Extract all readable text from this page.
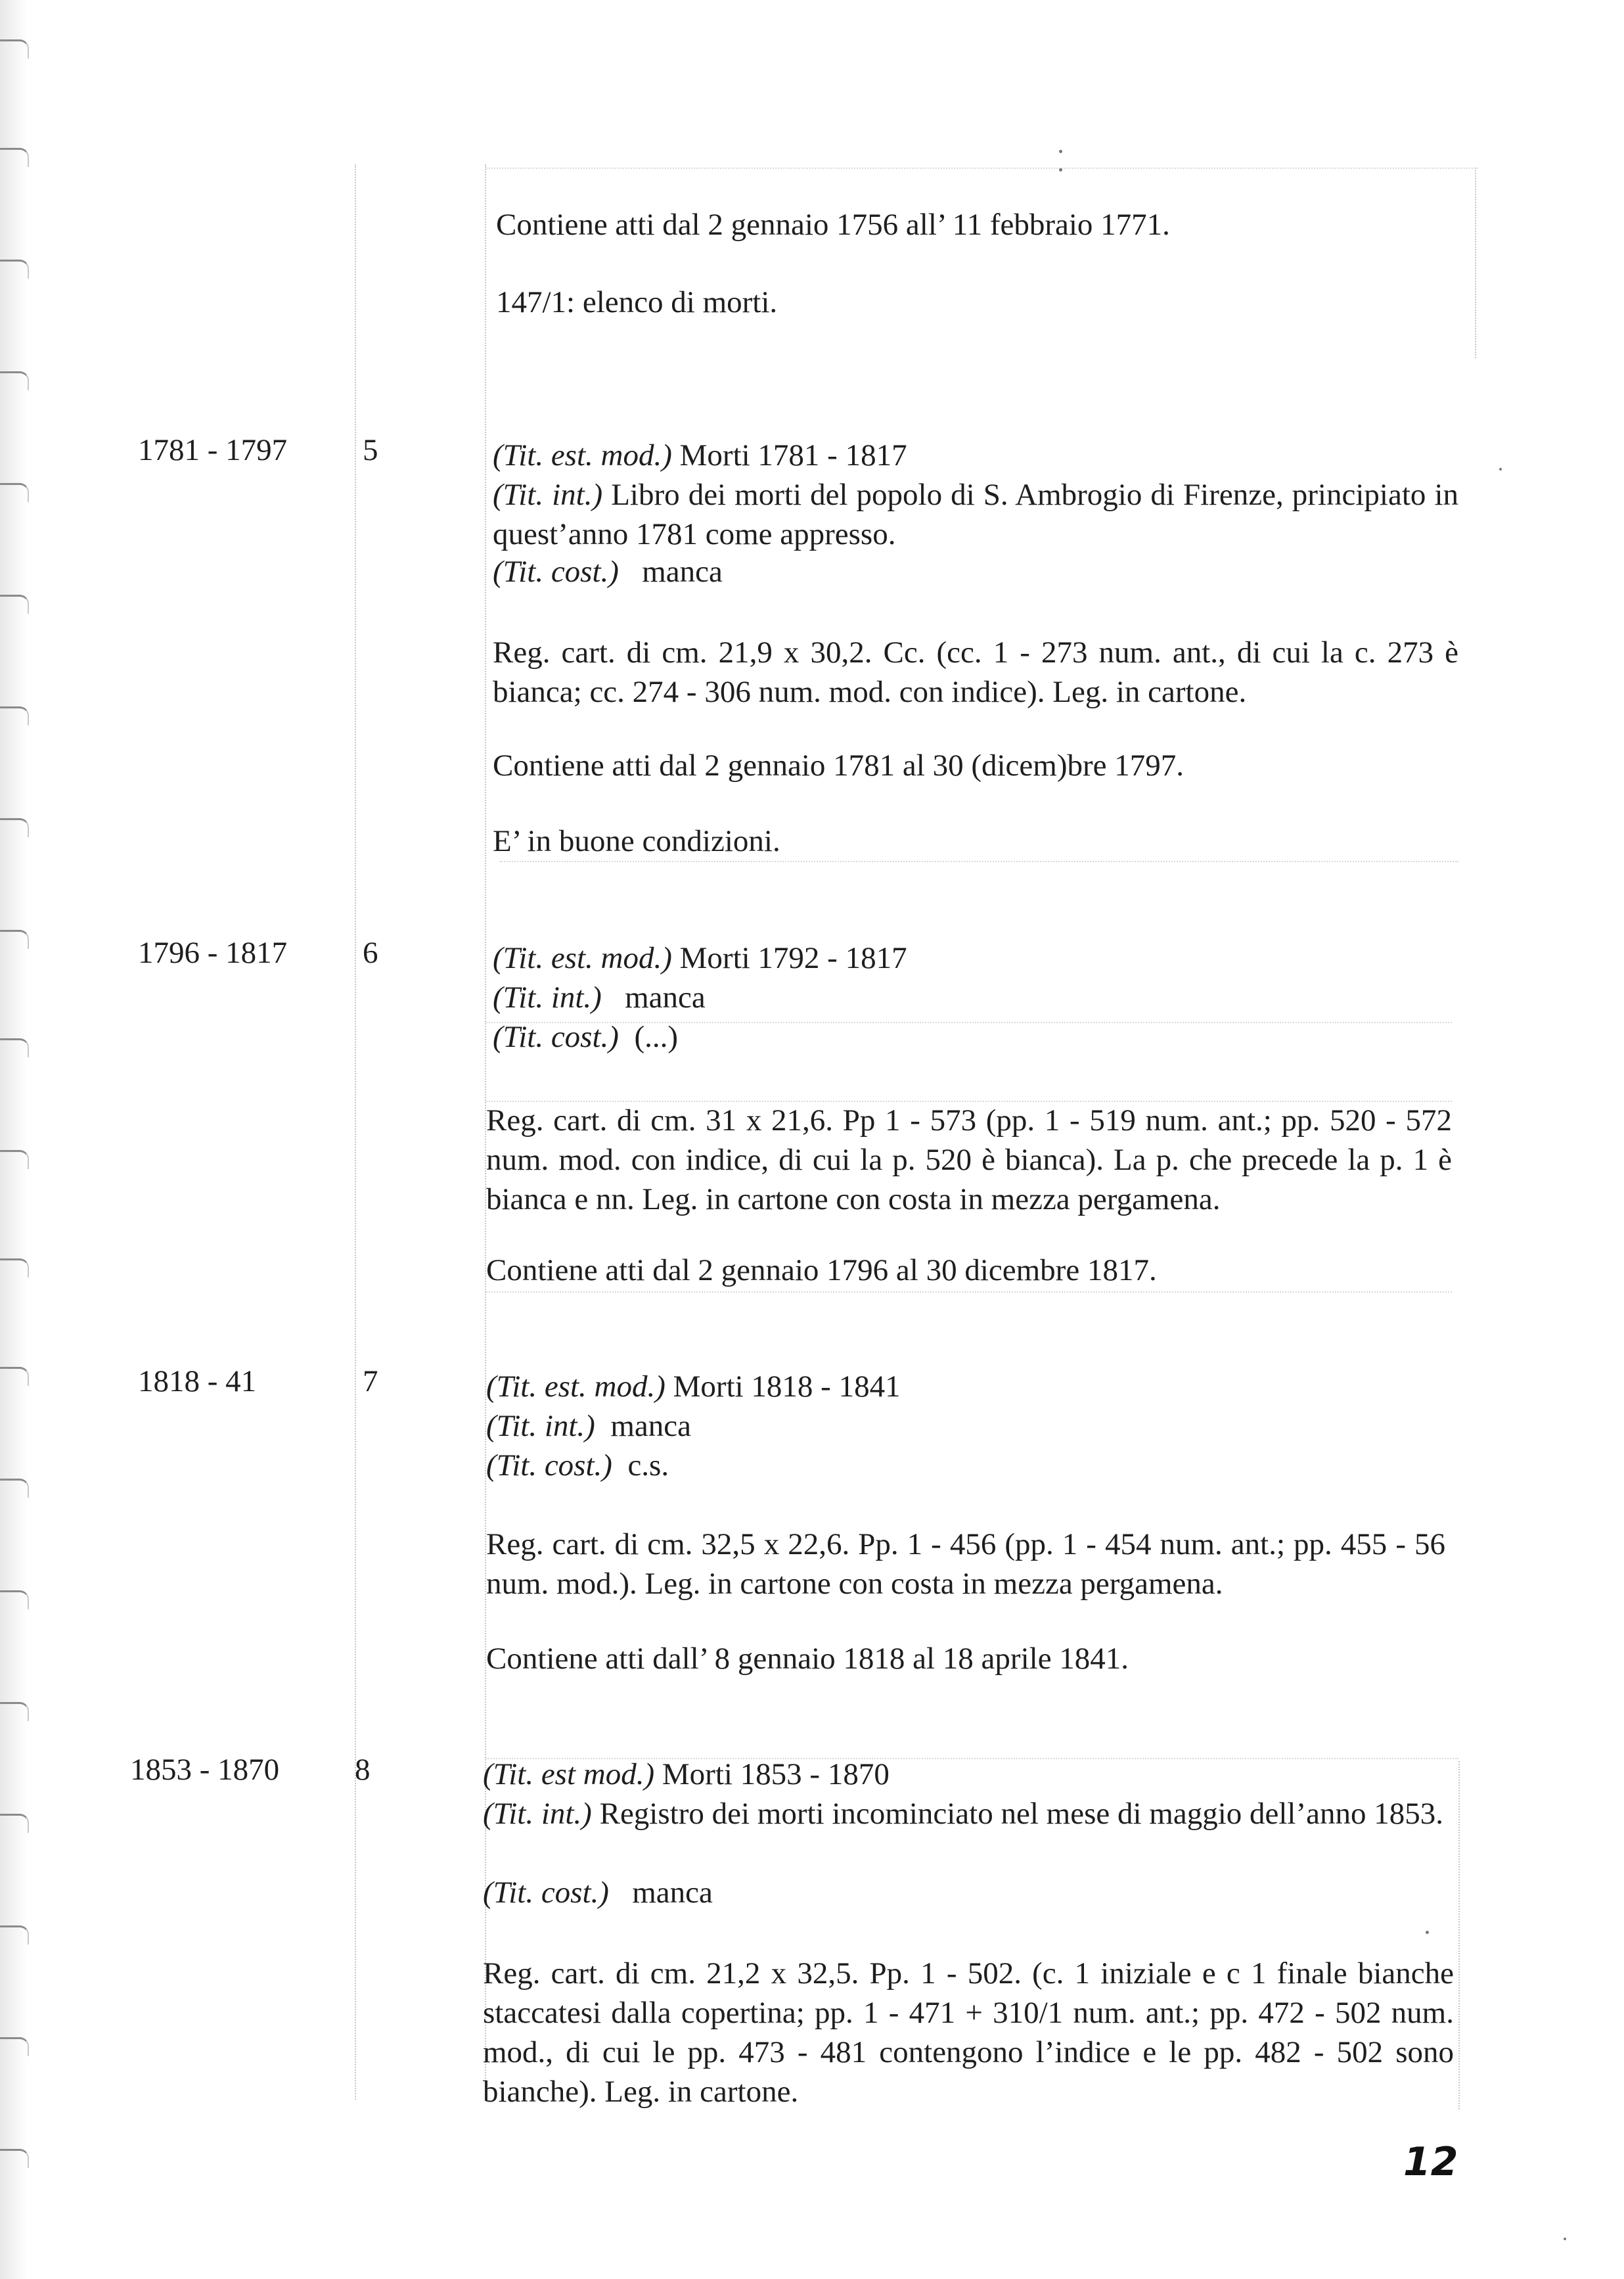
Contiene atti dal 2 gennaio 1756 all’ 11 febbraio 1771.

147/1: elenco di morti.

1781 - 1797 5	(Tit. est. mod.) Morti 1781 - 1817

(Tit. int.) Libro dei morti del popolo di S. Ambrogio di Firenze, principiato in quest’anno 1781 come appresso.

(Tit. cost.) manca

Reg. cart. di cm. 21,9 x 30,2. Cc. (cc. 1 - 273 num. ant., di cui la c. 273 è bianca; cc. 274 - 306 num. mod. con indice). Leg. in cartone.

Contiene atti dal 2 gennaio 1781 al 30 (dicem)bre 1797.

E’ in buone condizioni.

1796 - 1817 6	(Tit. est. mod.) Morti 1792 - 1817

(Tit. int.) manca

(Tit. cost.) (...)

Reg. cart. di cm. 31 x 21,6. Pp 1 - 573 (pp. 1 - 519 num. ant.; pp. 520 - 572 num. mod. con indice, di cui la p. 520 è bianca). La p. che precede la p. 1 è bianca e nn. Leg. in cartone con costa in mezza pergamena.

Contiene atti dal 2 gennaio 1796 al 30 dicembre 1817.

1818 - 41	7	(Tit. est. mod.) Morti 1818 - 1841

(Tit. int.) manca

(Tit. cost.) c.s.

Reg. cart. di cm. 32,5 x 22,6. Pp. 1 - 456 (pp. 1 - 454 num. ant.; pp. 455 - 56 num. mod.). Leg. in cartone con costa in mezza pergamena.

Contiene atti dall’ 8 gennaio 1818 al 18 aprile 1841.

1853 - 1870 8	(Tit. est mod.) Morti 1853 - 1870

(Tit. int.) Registro dei morti incominciato nel mese di maggio dell’anno 1853.

(Tit. cost.) manca

Reg. cart. di cm. 21,2 x 32,5. Pp. 1 - 502. (c. 1 iniziale e c 1 finale bianche staccatesi dalla copertina; pp. 1 - 471 + 310/1 num. ant.; pp. 472 - 502 num. mod., di cui le pp. 473 - 481 contengono l’indice e le pp. 482 - 502 sono bianche). Leg. in cartone.

12
